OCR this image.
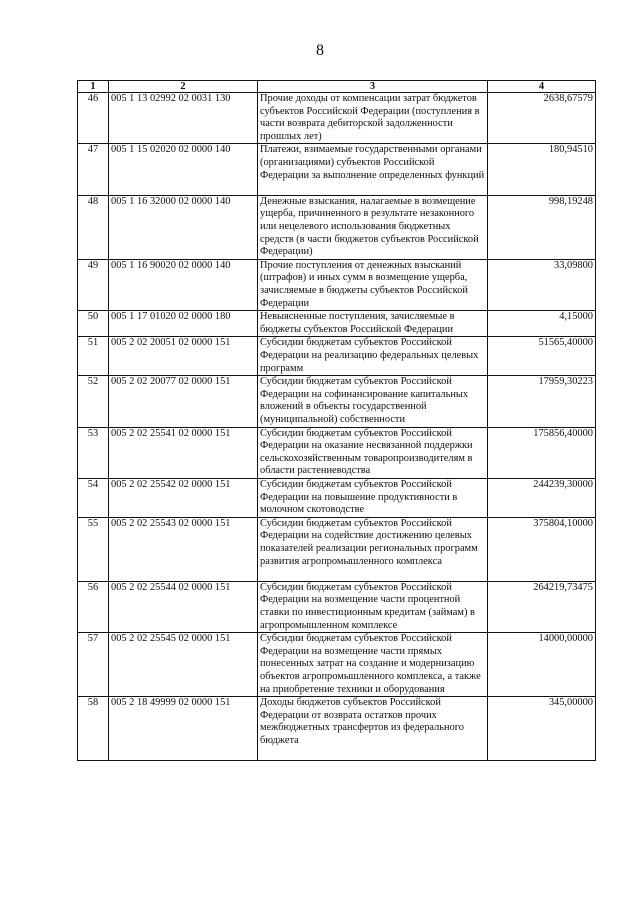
8
1	2	3	4
46	005 1 13 02992 02 0031 130	Прочие доходы от компенсации затрат бюджетов субъектов Российской Федерации (поступления в части возврата дебиторской задолженности прошлых лет)	2638,67579
47	005 1 15 02020 02 0000 140	Платежи, взимаемые государственными органами (организациями) субъектов Российской Федерации за выполнение определенных функций	180,94510
48	005 1 16 32000 02 0000 140	Денежные взыскания, налагаемые в возмещение ущерба, причиненного в результате незаконного или нецелевого использования бюджетных средств (в части бюджетов субъектов Российской Федерации)	998,19248
49	005 1 16 90020 02 0000 140	Прочие поступления от денежных взысканий (штрафов) и иных сумм в возмещение ущерба, зачисляемые в бюджеты субъектов Российской Федерации	33,09800
50	005 1 17 01020 02 0000 180	Невыясненные поступления, зачисляемые в бюджеты субъектов Российской Федерации	4,15000
51	005 2 02 20051 02 0000 151	Субсидии бюджетам субъектов Российской Федерации на реализацию федеральных целевых программ	51565,40000
52	005 2 02 20077 02 0000 151	Субсидии бюджетам субъектов Российской Федерации на софинансирование капитальных вложений в объекты государственной (муниципальной) собственности	17959,30223
53	005 2 02 25541 02 0000 151	Субсидии бюджетам субъектов Российской Федерации на оказание несвязанной поддержки сельскохозяйственным товаропроизводителям в области растениеводства	175856,40000
54	005 2 02 25542 02 0000 151	Субсидии бюджетам субъектов Российской Федерации на повышение продуктивности в молочном скотоводстве	244239,30000
55	005 2 02 25543 02 0000 151	Субсидии бюджетам субъектов Российской Федерации на содействие достижению целевых показателей реализации региональных программ развития агропромышленного комплекса	375804,10000
56	005 2 02 25544 02 0000 151	Субсидии бюджетам субъектов Российской Федерации на возмещение части процентной ставки по инвестиционным кредитам (займам) в агропромышленном комплексе	264219,73475
57	005 2 02 25545 02 0000 151	Субсидии бюджетам субъектов Российской Федерации на возмещение части прямых понесенных затрат на создание и модернизацию объектов агропромышленного комплекса, а также на приобретение техники и оборудования	14000,00000
58	005 2 18 49999 02 0000 151	Доходы бюджетов субъектов Российской Федерации от возврата остатков прочих межбюджетных трансфертов из федерального бюджета	345,00000
